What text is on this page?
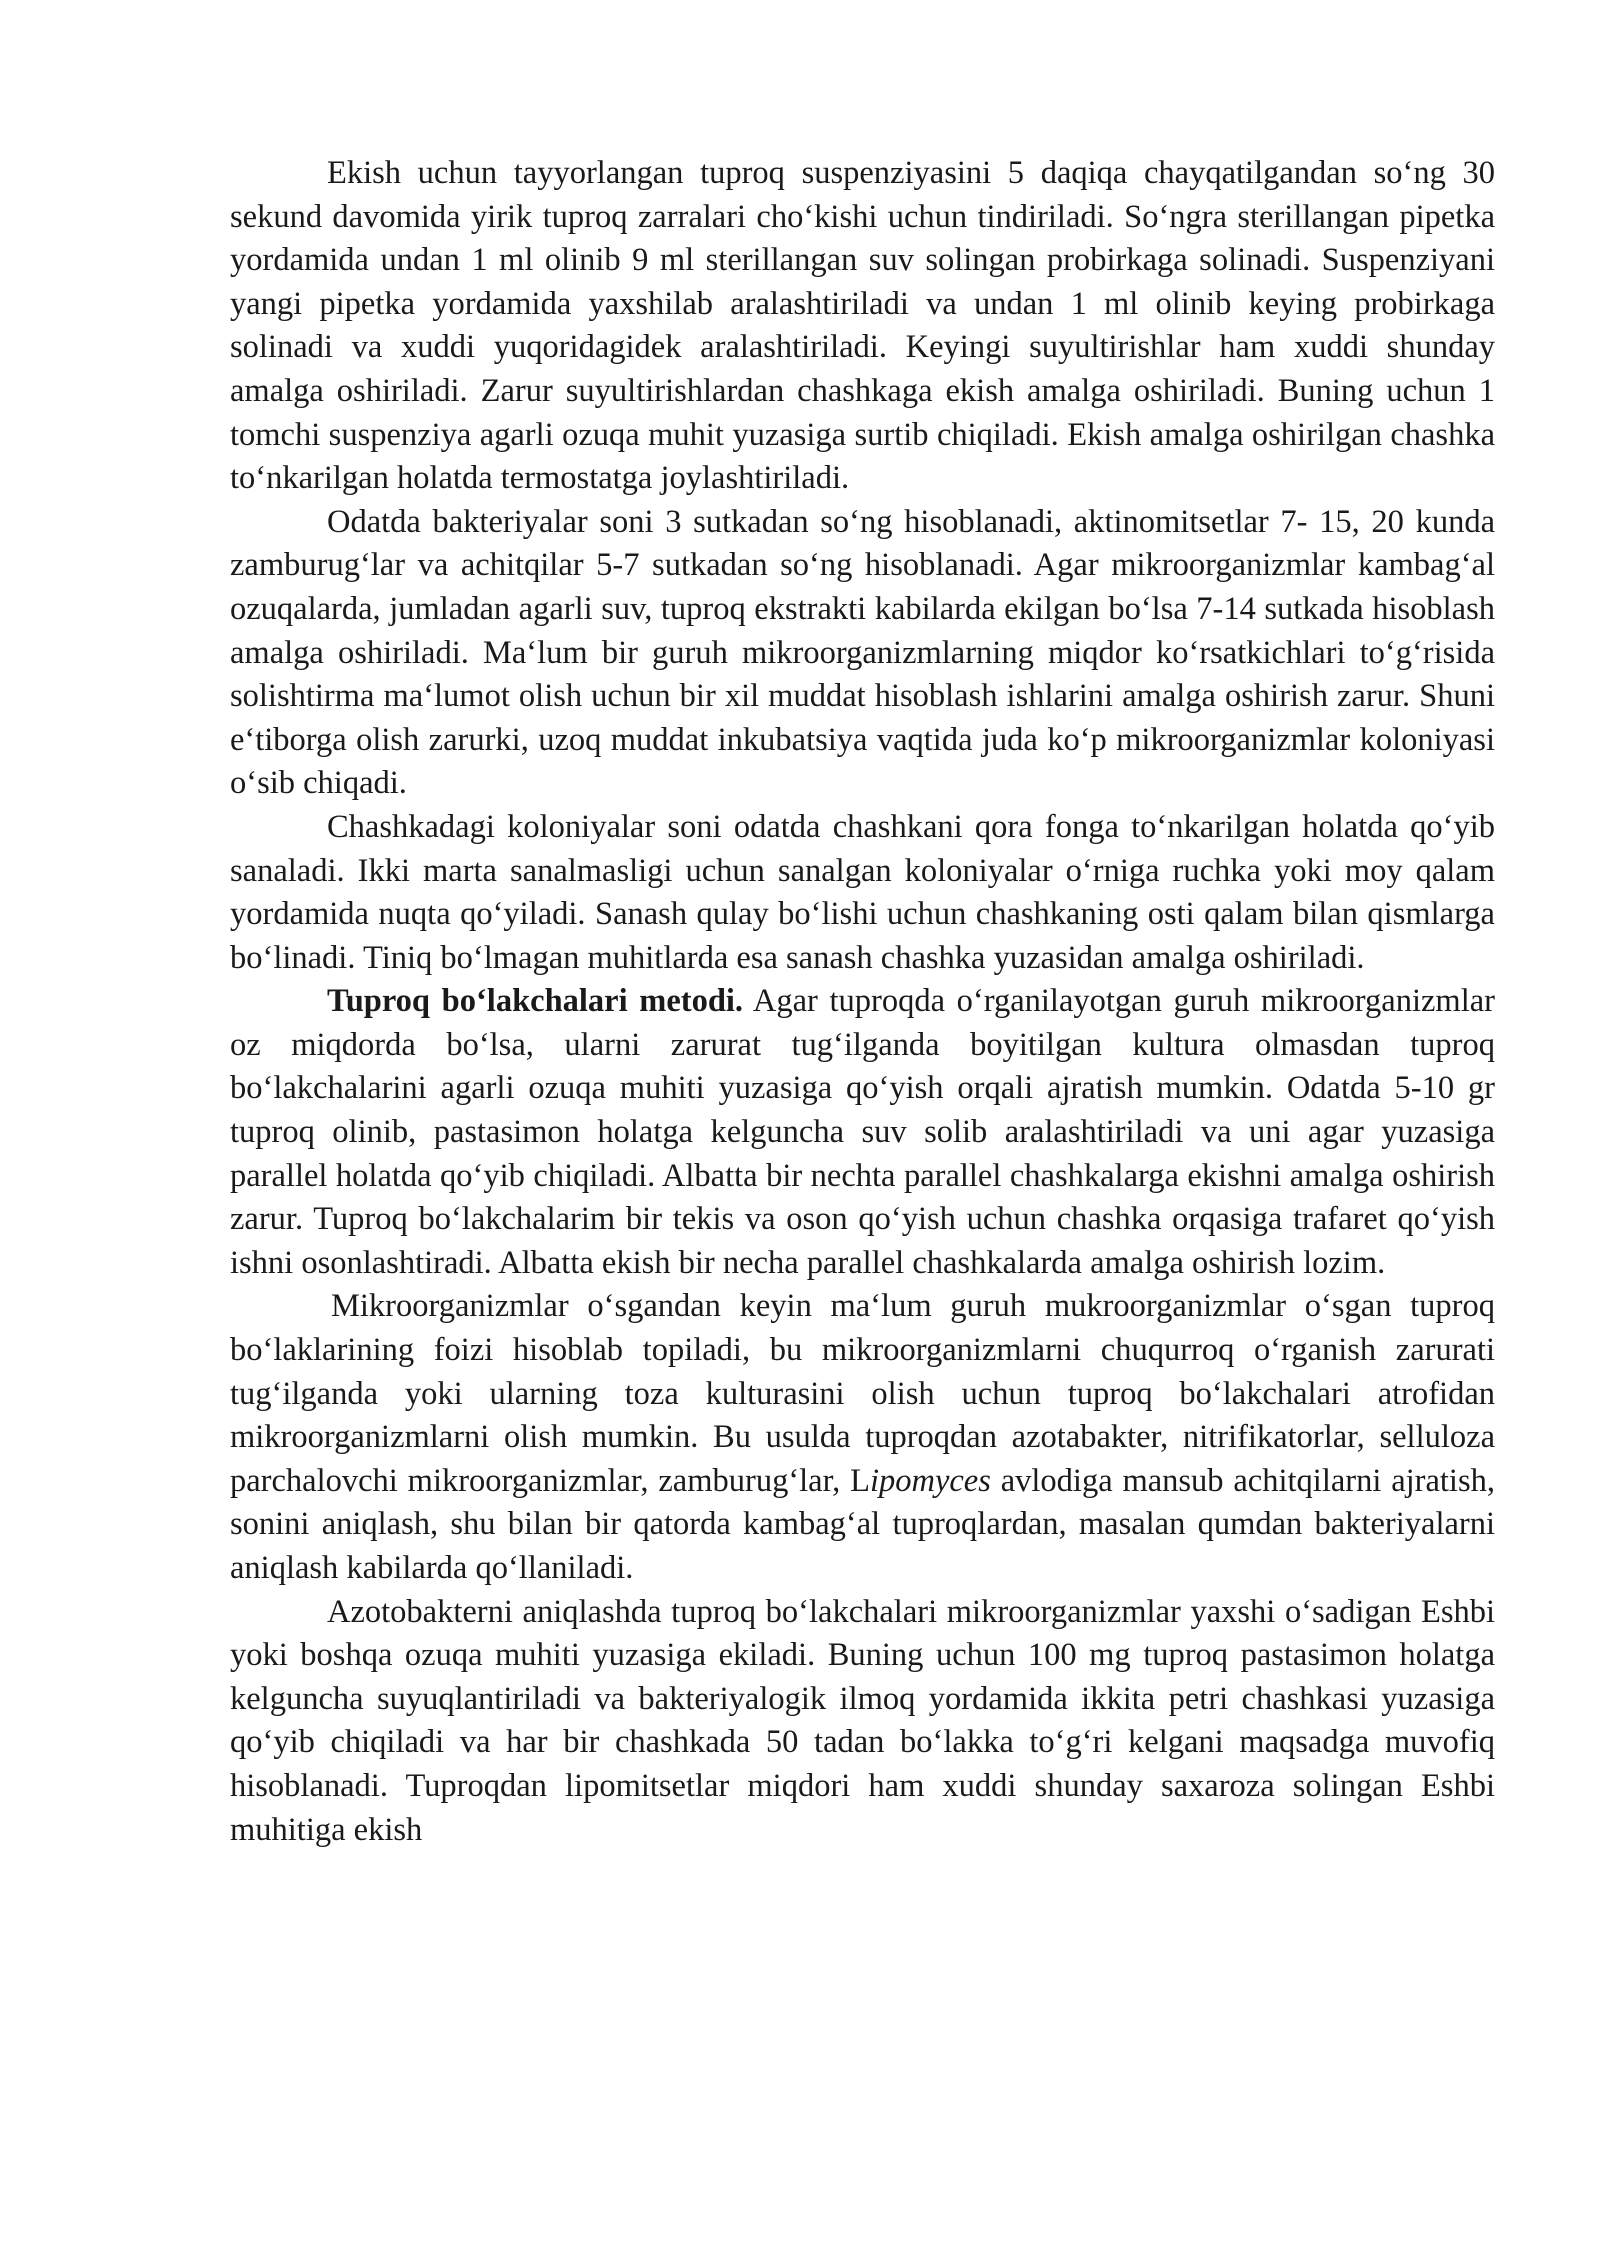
Ekish uchun tayyorlangan tuproq suspenziyasini 5 daqiqa chayqatilgandan so‘ng 30 sekund davomida yirik tuproq zarralari cho‘kishi uchun tindiriladi. So‘ngra sterillangan pipetka yordamida undan 1 ml olinib 9 ml sterillangan suv solingan probirkaga solinadi. Suspenziyani yangi pipetka yordamida yaxshilab aralashtiriladi va undan 1 ml olinib keying probirkaga solinadi va xuddi yuqoridagidek aralashtiriladi. Keyingi suyultirishlar ham xuddi shunday amalga oshiriladi. Zarur suyultirishlardan chashkaga ekish amalga oshiriladi. Buning uchun 1 tomchi suspenziya agarli ozuqa muhit yuzasiga surtib chiqiladi. Ekish amalga oshirilgan chashka to‘nkarilgan holatda termostatga joylashtiriladi.

Odatda bakteriyalar soni 3 sutkadan so‘ng hisoblanadi, aktinomitsetlar 7- 15, 20 kunda zamburug‘lar va achitqilar 5-7 sutkadan so‘ng hisoblanadi. Agar mikroorganizmlar kambag‘al ozuqalarda, jumladan agarli suv, tuproq ekstrakti kabilarda ekilgan bo‘lsa 7-14 sutkada hisoblash amalga oshiriladi. Ma‘lum bir guruh mikroorganizmlarning miqdor ko‘rsatkichlari to‘g‘risida solishtirma ma‘lumot olish uchun bir xil muddat hisoblash ishlarini amalga oshirish zarur. Shuni e‘tiborga olish zarurki, uzoq muddat inkubatsiya vaqtida juda ko‘p mikroorganizmlar koloniyasi o‘sib chiqadi.

Chashkadagi koloniyalar soni odatda chashkani qora fonga to‘nkarilgan holatda qo‘yib sanaladi. Ikki marta sanalmasligi uchun sanalgan koloniyalar o‘rniga ruchka yoki moy qalam yordamida nuqta qo‘yiladi. Sanash qulay bo‘lishi uchun chashkaning osti qalam bilan qismlarga bo‘linadi. Tiniq bo‘lmagan muhitlarda esa sanash chashka yuzasidan amalga oshiriladi.

Tuproq bo‘lakchalari metodi. Agar tuproqda o‘rganilayotgan guruh mikroorganizmlar oz miqdorda bo‘lsa, ularni zarurat tug‘ilganda boyitilgan kultura olmasdan tuproq bo‘lakchalarini agarli ozuqa muhiti yuzasiga qo‘yish orqali ajratish mumkin. Odatda 5-10 gr tuproq olinib, pastasimon holatga kelguncha suv solib aralashtiriladi va uni agar yuzasiga parallel holatda qo‘yib chiqiladi. Albatta bir nechta parallel chashkalarga ekishni amalga oshirish zarur. Tuproq bo‘lakchalarim bir tekis va oson qo‘yish uchun chashka orqasiga trafaret qo‘yish ishni osonlashtiradi. Albatta ekish bir necha parallel chashkalarda amalga oshirish lozim.

Mikroorganizmlar o‘sgandan keyin ma‘lum guruh mukroorganizmlar o‘sgan tuproq bo‘laklarining foizi hisoblab topiladi, bu mikroorganizmlarni chuqurroq o‘rganish zarurati tug‘ilganda yoki ularning toza kulturasini olish uchun tuproq bo‘lakchalari atrofidan mikroorganizmlarni olish mumkin. Bu usulda tuproqdan azotabakter, nitrifikatorlar, selluloza parchalovchi mikroorganizmlar, zamburug‘lar, Lipomyces avlodiga mansub achitqilarni ajratish, sonini aniqlash, shu bilan bir qatorda kambag‘al tuproqlardan, masalan qumdan bakteriyalarni aniqlash kabilarda qo‘llaniladi.

Azotobakterni aniqlashda tuproq bo‘lakchalari mikroorganizmlar yaxshi o‘sadigan Eshbi yoki boshqa ozuqa muhiti yuzasiga ekiladi. Buning uchun 100 mg tuproq pastasimon holatga kelguncha suyuqlantiriladi va bakteriyalogik ilmoq yordamida ikkita petri chashkasi yuzasiga qo‘yib chiqiladi va har bir chashkada 50 tadan bo‘lakka to‘g‘ri kelgani maqsadga muvofiq hisoblanadi. Tuproqdan lipomitsetlar miqdori ham xuddi shunday saxaroza solingan Eshbi muhitiga ekish
